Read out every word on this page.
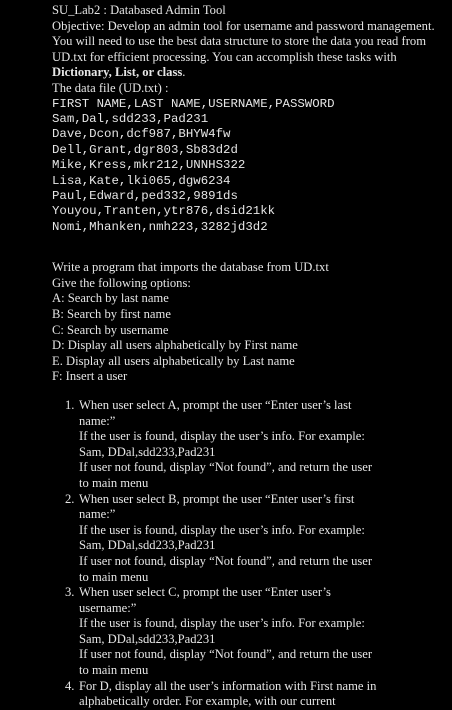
SU_Lab2 : Databased Admin Tool
Objective: Develop an admin tool for username and password management. You will need to use the best data structure to store the data you read from UD.txt for efficient processing. You can accomplish these tasks with Dictionary, List, or class.
The data file (UD.txt) :
FIRST NAME,LAST NAME,USERNAME,PASSWORD
Sam,Dal,sdd233,Pad231
Dave,Dcon,dcf987,BHYW4fw
Dell,Grant,dgr803,Sb83d2d
Mike,Kress,mkr212,UNNHS322
Lisa,Kate,lki065,dgw6234
Paul,Edward,ped332,9891ds
Youyou,Tranten,ytr876,dsid21kk
Nomi,Mhanken,nmh223,3282jd3d2
Write a program that imports the database from UD.txt
Give the following options:
A: Search by last name
B: Search by first name
C: Search by username
D: Display all users alphabetically by First name
E. Display all users alphabetically by Last name
F: Insert a user
1. When user select A, prompt the user “Enter user’s last
name:”
If the user is found, display the user’s info. For example:
Sam, DDal,sdd233,Pad231
If user not found, display “Not found”, and return the user
to main menu
2. When user select B, prompt the user “Enter user’s first
name:”
If the user is found, display the user’s info. For example:
Sam, DDal,sdd233,Pad231
If user not found, display “Not found”, and return the user
to main menu
3. When user select C, prompt the user “Enter user’s
username:”
If the user is found, display the user’s info. For example:
Sam, DDal,sdd233,Pad231
If user not found, display “Not found”, and return the user
to main menu
4. For D, display all the user’s information with First name in
alphabetically order. For example, with our current
